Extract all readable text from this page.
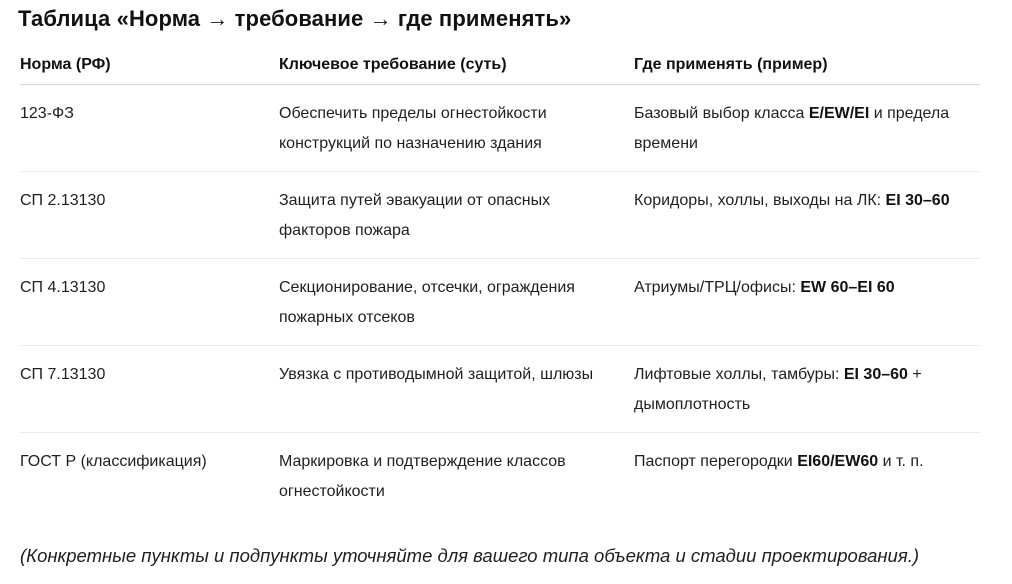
Таблица «Норма → требование → где применять»
Норма (РФ)	Ключевое требование (суть)	Где применять (пример)

123-ФЗ	Обеспечить пределы огнестойкости конструкций по назначению здания	Базовый выбор класса E/EW/EI и предела времени

СП 2.13130	Защита путей эвакуации от опасных факторов пожара	Коридоры, холлы, выходы на ЛК: EI 30–60

СП 4.13130	Секционирование, отсечки, ограждения пожарных отсеков	Атриумы/ТРЦ/офисы: EW 60–EI 60

СП 7.13130	Увязка с противодымной защитой, шлюзы	Лифтовые холлы, тамбуры: EI 30–60 + дымоплотность

ГОСТ Р (классификация)	Маркировка и подтверждение классов огнестойкости	Паспорт перегородки EI60/EW60 и т. п.
(Конкретные пункты и подпункты уточняйте для вашего типа объекта и стадии проектирования.)
